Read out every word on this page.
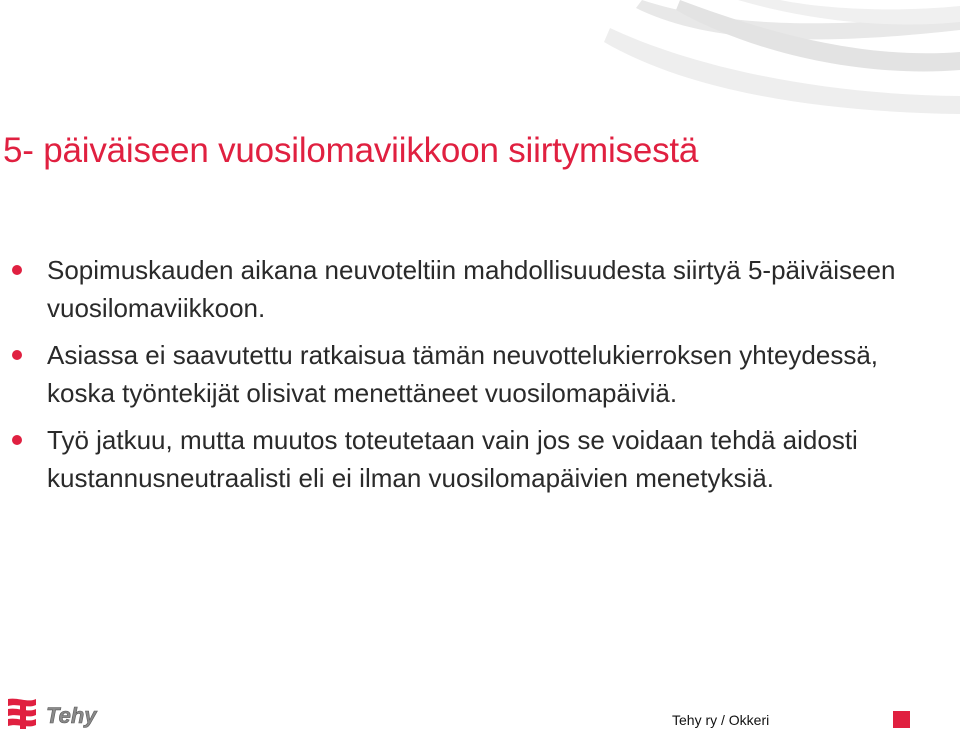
5- päiväiseen vuosilomaviikkoon siirtymisestä
Sopimuskauden aikana neuvoteltiin mahdollisuudesta siirtyä 5-päiväiseen vuosilomaviikkoon.
Asiassa ei saavutettu ratkaisua tämän neuvottelukierroksen yhteydessä, koska työntekijät olisivat menettäneet vuosilomapäiviä.
Työ jatkuu, mutta muutos toteutetaan vain jos se voidaan tehdä aidosti kustannusneutraalisti eli ei ilman vuosilomapäivien menetyksiä.
Tehy	Tehy ry / Okkeri
